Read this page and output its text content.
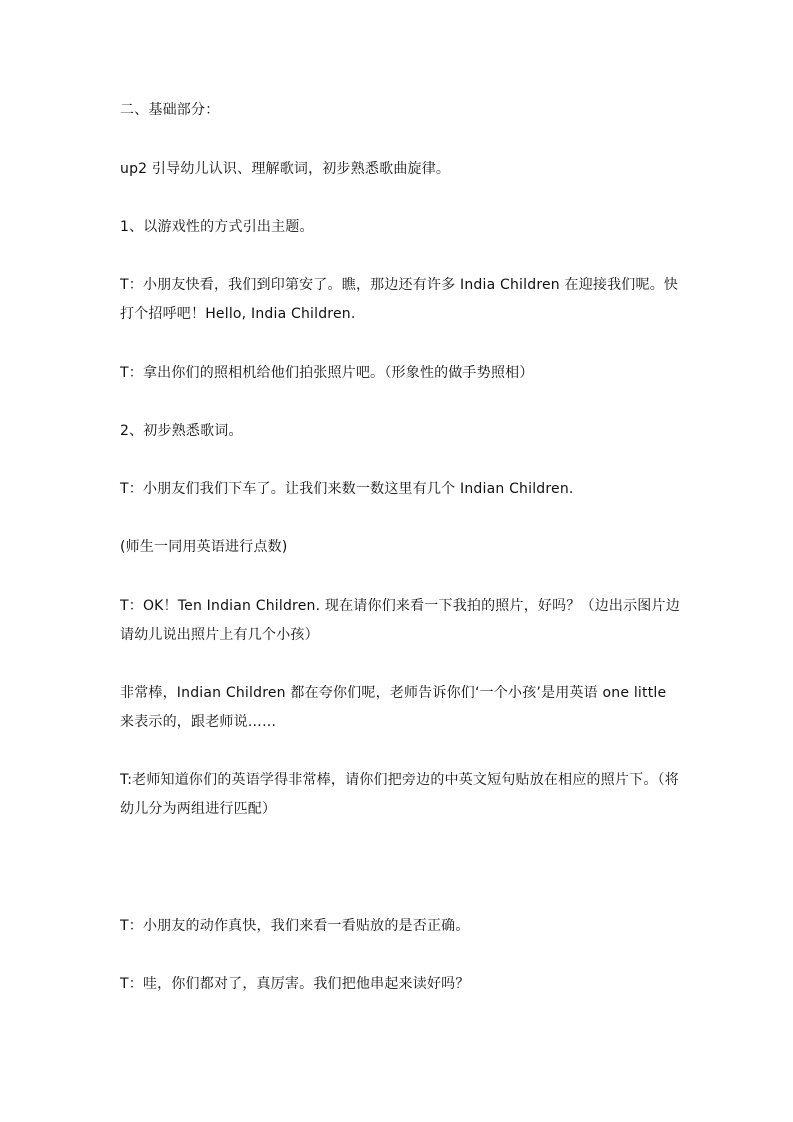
二、基础部分：
up2 引导幼儿认识、理解歌词，初步熟悉歌曲旋律。
1、以游戏性的方式引出主题。
T：小朋友快看，我们到印第安了。瞧，那边还有许多 India Children 在迎接我们呢。快打个招呼吧！Hello, India Children.
T：拿出你们的照相机给他们拍张照片吧。（形象性的做手势照相）
2、初步熟悉歌词。
T：小朋友们我们下车了。让我们来数一数这里有几个 Indian Children.
(师生一同用英语进行点数)
T：OK！Ten Indian Children. 现在请你们来看一下我拍的照片，好吗？（边出示图片边请幼儿说出照片上有几个小孩）
非常棒，Indian Children 都在夸你们呢，老师告诉你们‘一个小孩’是用英语 one little 来表示的，跟老师说……
T:老师知道你们的英语学得非常棒，请你们把旁边的中英文短句贴放在相应的照片下。（将幼儿分为两组进行匹配）
T：小朋友的动作真快，我们来看一看贴放的是否正确。
T：哇，你们都对了，真厉害。我们把他串起来读好吗？
